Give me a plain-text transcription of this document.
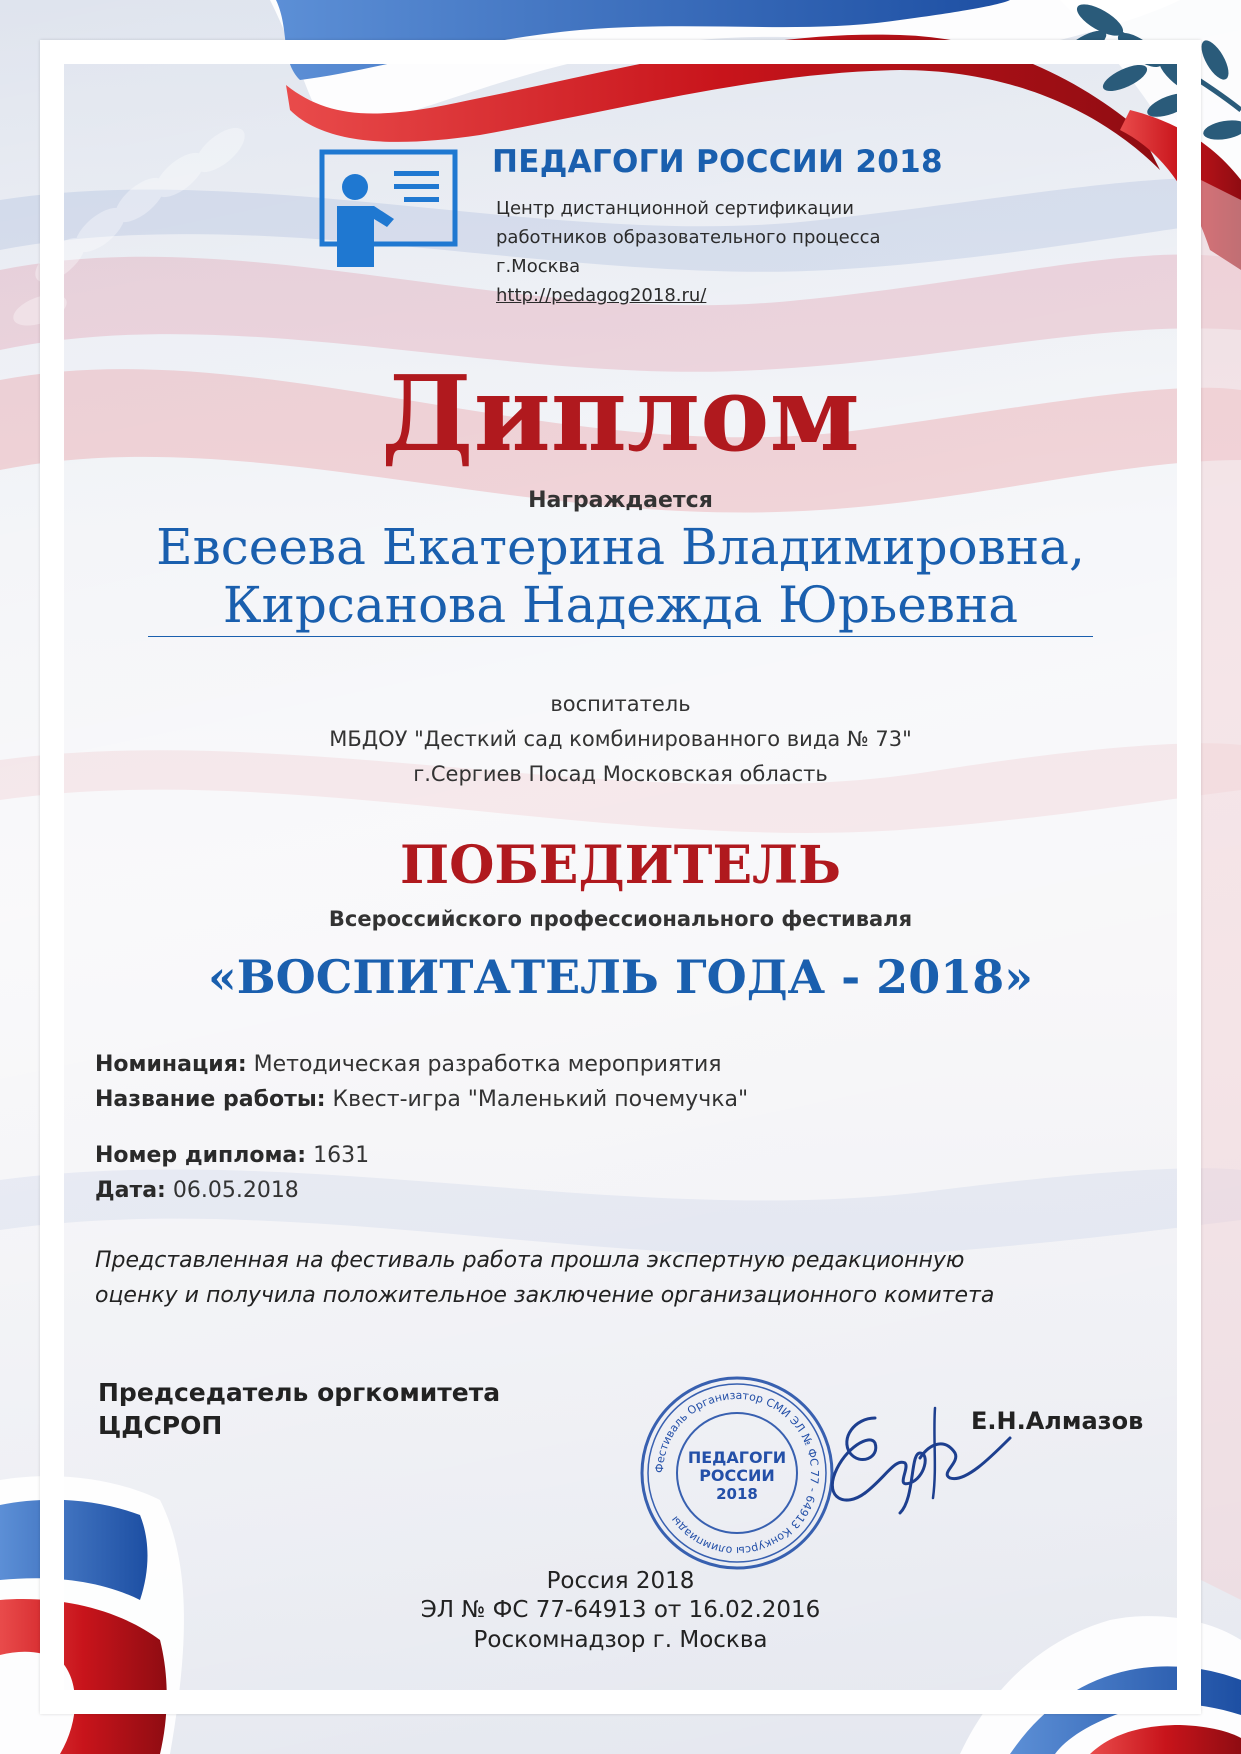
ПЕДАГОГИ РОССИИ 2018
Центр дистанционной сертификации
работников образовательного процесса
г.Москва
http://pedagog2018.ru/
Диплом
Награждается
Евсеева Екатерина Владимировна,
Кирсанова Надежда Юрьевна
воспитатель
МБДОУ "Десткий сад комбинированного вида № 73"
г.Сергиев Посад Московская область
ПОБЕДИТЕЛЬ
Всероссийского профессионального фестиваля
«ВОСПИТАТЕЛЬ ГОДА - 2018»
Номинация: Методическая разработка мероприятия
Название работы: Квест-игра "Маленький почемучка"
Номер диплома: 1631
Дата: 06.05.2018
Представленная на фестиваль работа прошла экспертную редакционную
оценку и получила положительное заключение организационного комитета
Председатель оргкомитета
ЦДСРОП
Фестиваль Организатор СМИ ЭЛ № ФС 77 - 64913 Конкурсы олимпиады
ПЕДАГОГИ
РОССИИ
2018
Е.Н.Алмазов
Россия 2018
ЭЛ № ФС 77-64913 от 16.02.2016
Роскомнадзор г. Москва
